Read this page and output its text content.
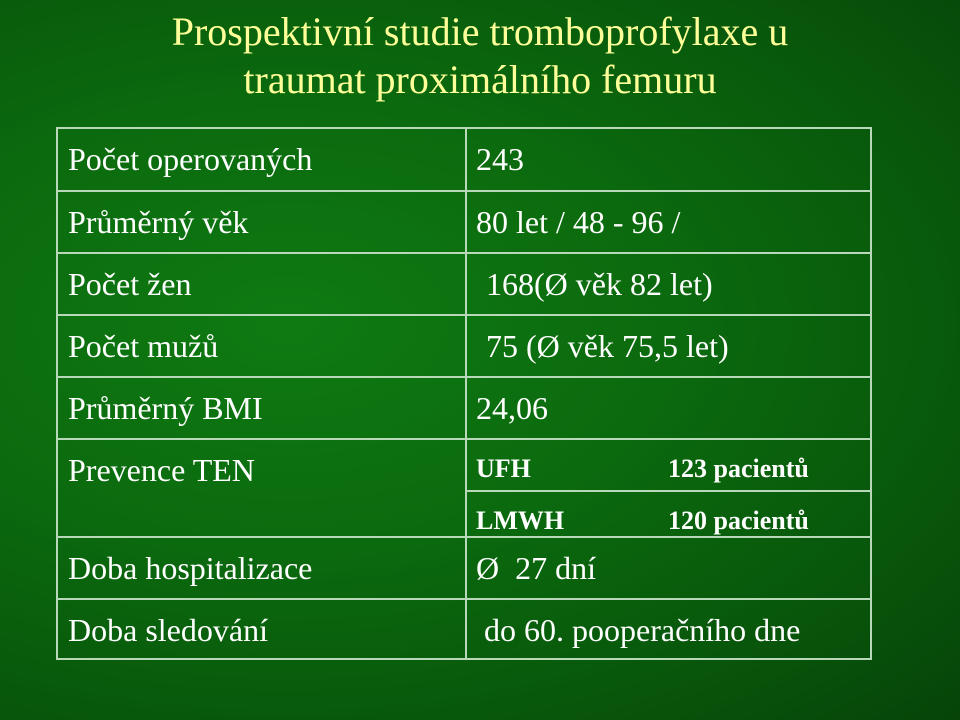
Prospektivní studie tromboprofylaxe u
traumat proximálního femuru
Počet operovaných	243
Průměrný věk	80 let / 48 - 96 /
Počet žen	168(Ø věk 82 let)
Počet mužů	75 (Ø věk 75,5 let)
Průměrný BMI	24,06
Prevence TEN	UFH	123 pacientů
LMWH	120 pacientů
Doba hospitalizace	Ø  27 dní
Doba sledování	do 60. pooperačního dne
